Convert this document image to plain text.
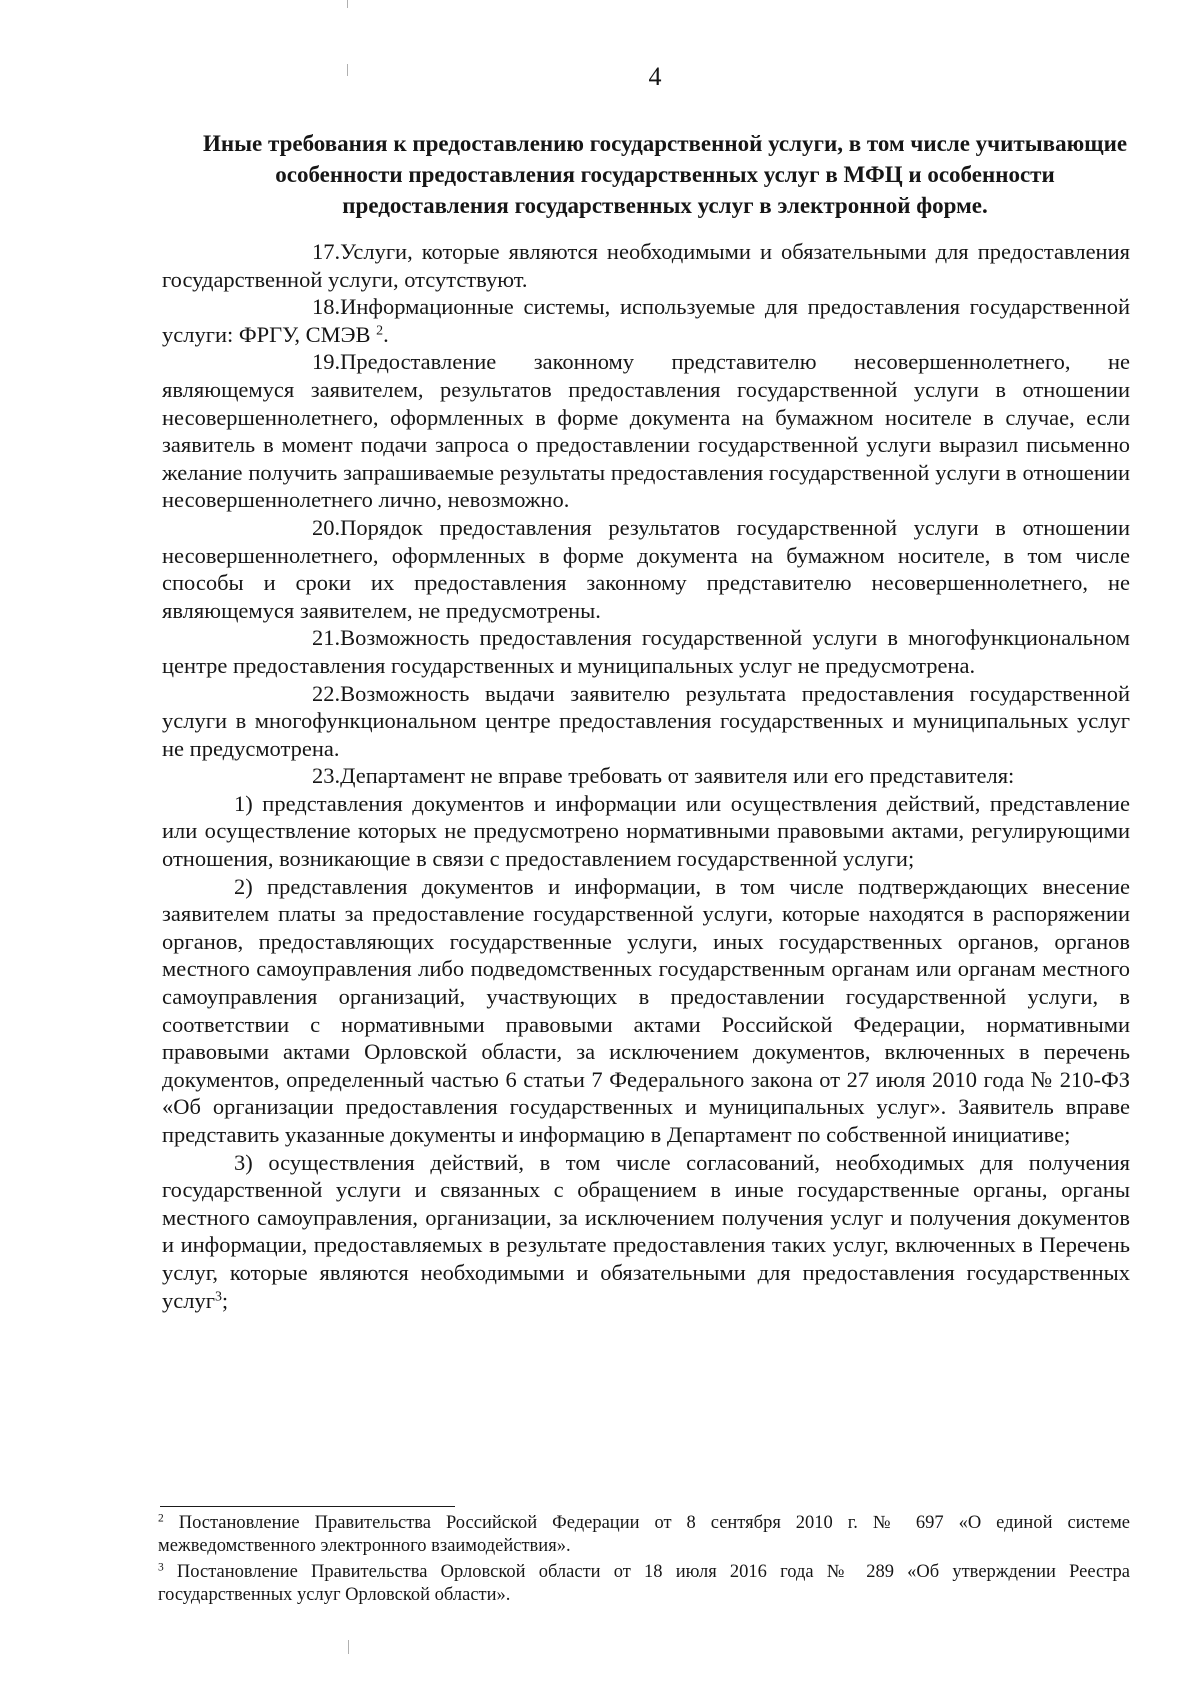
4
Иные требования к предоставлению государственной услуги, в том числе учитывающие особенности предоставления государственных услуг в МФЦ и особенности предоставления государственных услуг в электронной форме.

17.Услуги, которые являются необходимыми и обязательными для предоставления государственной услуги, отсутствуют.

18.Информационные системы, используемые для предоставления государственной услуги: ФРГУ, СМЭВ $^2$.

19.Предоставление законному представителю несовершеннолетнего, не являющемуся заявителем, результатов предоставления государственной услуги в отношении несовершеннолетнего, оформленных в форме документа на бумажном носителе в случае, если заявитель в момент подачи запроса о предоставлении государственной услуги выразил письменно желание получить запрашиваемые результаты предоставления государственной услуги в отношении несовершеннолетнего лично, невозможно.

20.Порядок предоставления результатов государственной услуги в отношении несовершеннолетнего, оформленных в форме документа на бумажном носителе, в том числе способы и сроки их предоставления законному представителю несовершеннолетнего, не являющемуся заявителем, не предусмотрены.

21.Возможность предоставления государственной услуги в многофункциональном центре предоставления государственных и муниципальных услуг не предусмотрена.

22.Возможность выдачи заявителю результата предоставления государственной услуги в многофункциональном центре предоставления государственных и муниципальных услуг не предусмотрена.

23.Департамент не вправе требовать от заявителя или его представителя:

1) представления документов и информации или осуществления действий, представление или осуществление которых не предусмотрено нормативными правовыми актами, регулирующими отношения, возникающие в связи с предоставлением государственной услуги;

2) представления документов и информации, в том числе подтверждающих внесение заявителем платы за предоставление государственной услуги, которые находятся в распоряжении органов, предоставляющих государственные услуги, иных государственных органов, органов местного самоуправления либо подведомственных государственным органам или органам местного самоуправления организаций, участвующих в предоставлении государственной услуги, в соответствии с нормативными правовыми актами Российской Федерации, нормативными правовыми актами Орловской области, за исключением документов, включенных в перечень документов, определенный частью 6 статьи 7 Федерального закона от 27 июля 2010 года № 210-ФЗ «Об организации предоставления государственных и муниципальных услуг». Заявитель вправе представить указанные документы и информацию в Департамент по собственной инициативе;

3) осуществления действий, в том числе согласований, необходимых для получения государственной услуги и связанных с обращением в иные государственные органы, органы местного самоуправления, организации, за исключением получения услуг и получения документов и информации, предоставляемых в результате предоставления таких услуг, включенных в Перечень услуг, которые являются необходимыми и обязательными для предоставления государственных услуг$^3$;

$^2$ Постановление Правительства Российской Федерации от 8 сентября 2010 г. № 697 «О единой системе межведомственного электронного взаимодействия».

$^3$ Постановление Правительства Орловской области от 18 июля 2016 года № 289 «Об утверждении Реестра государственных услуг Орловской области».
